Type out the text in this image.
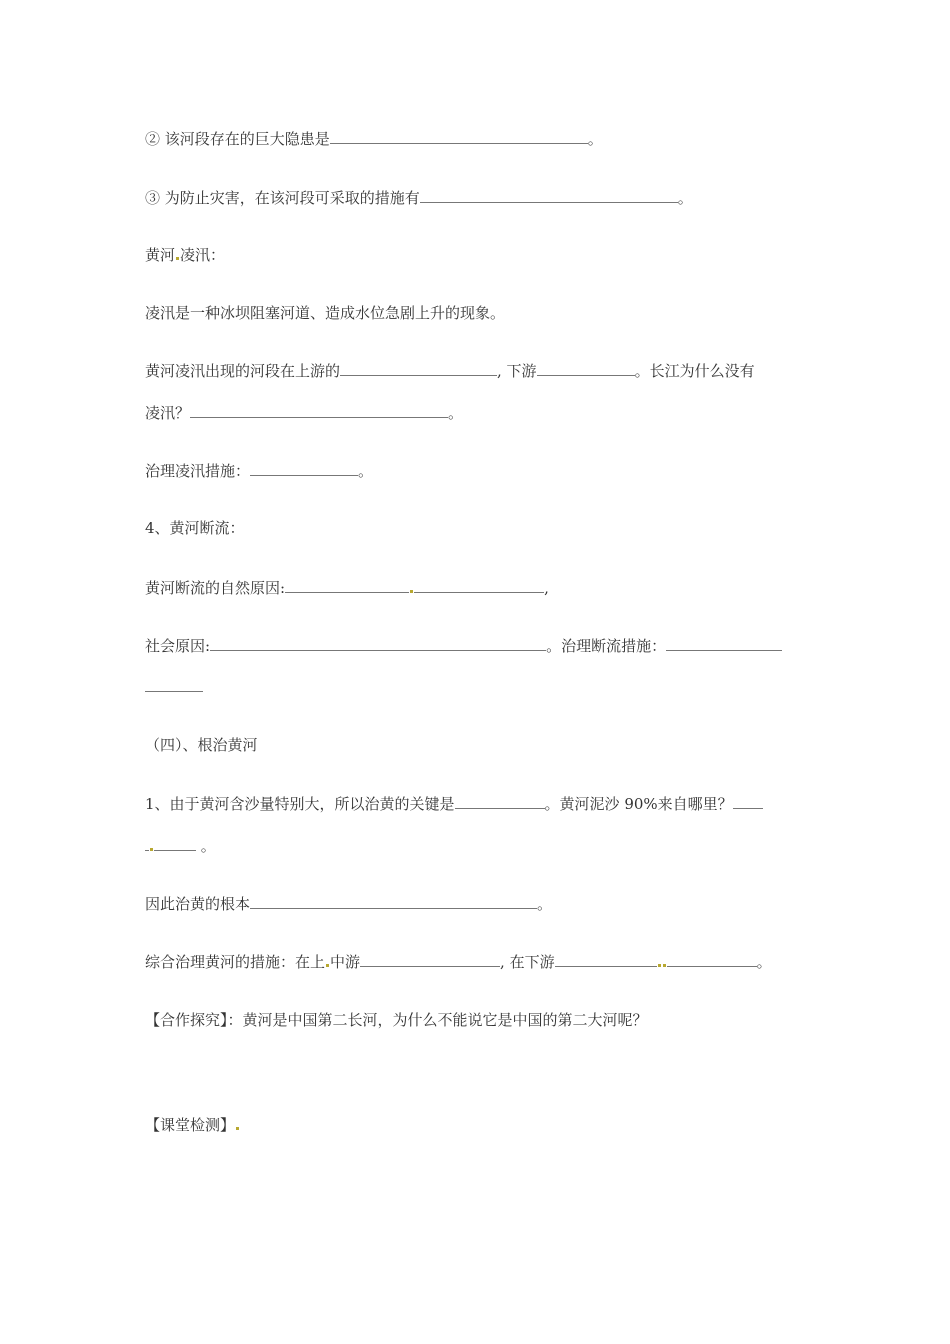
② 该河段存在的巨大隐患是	。
③ 为防止灾害，在该河段可采取的措施有	。
黄河 凌汛：
凌汛是一种冰坝阻塞河道、造成水位急剧上升的现象。
黄河凌汛出现的河段在上游的	, 下游	。长江为什么没有
凌汛？	。
治理凌汛措施：	。
4、黄河断流：
黄河断流的自然原因:	,
社会原因:	。治理断流措施：
（四）、根治黄河
1、由于黄河含沙量特别大，所以治黄的关键是	。黄河泥沙 90%来自哪里？
。
因此治黄的根本	。
综合治理黄河的措施：在上 中游	, 在下游	。
【合作探究】：黄河是中国第二长河，为什么不能说它是中国的第二大河呢？
【课堂检测】
